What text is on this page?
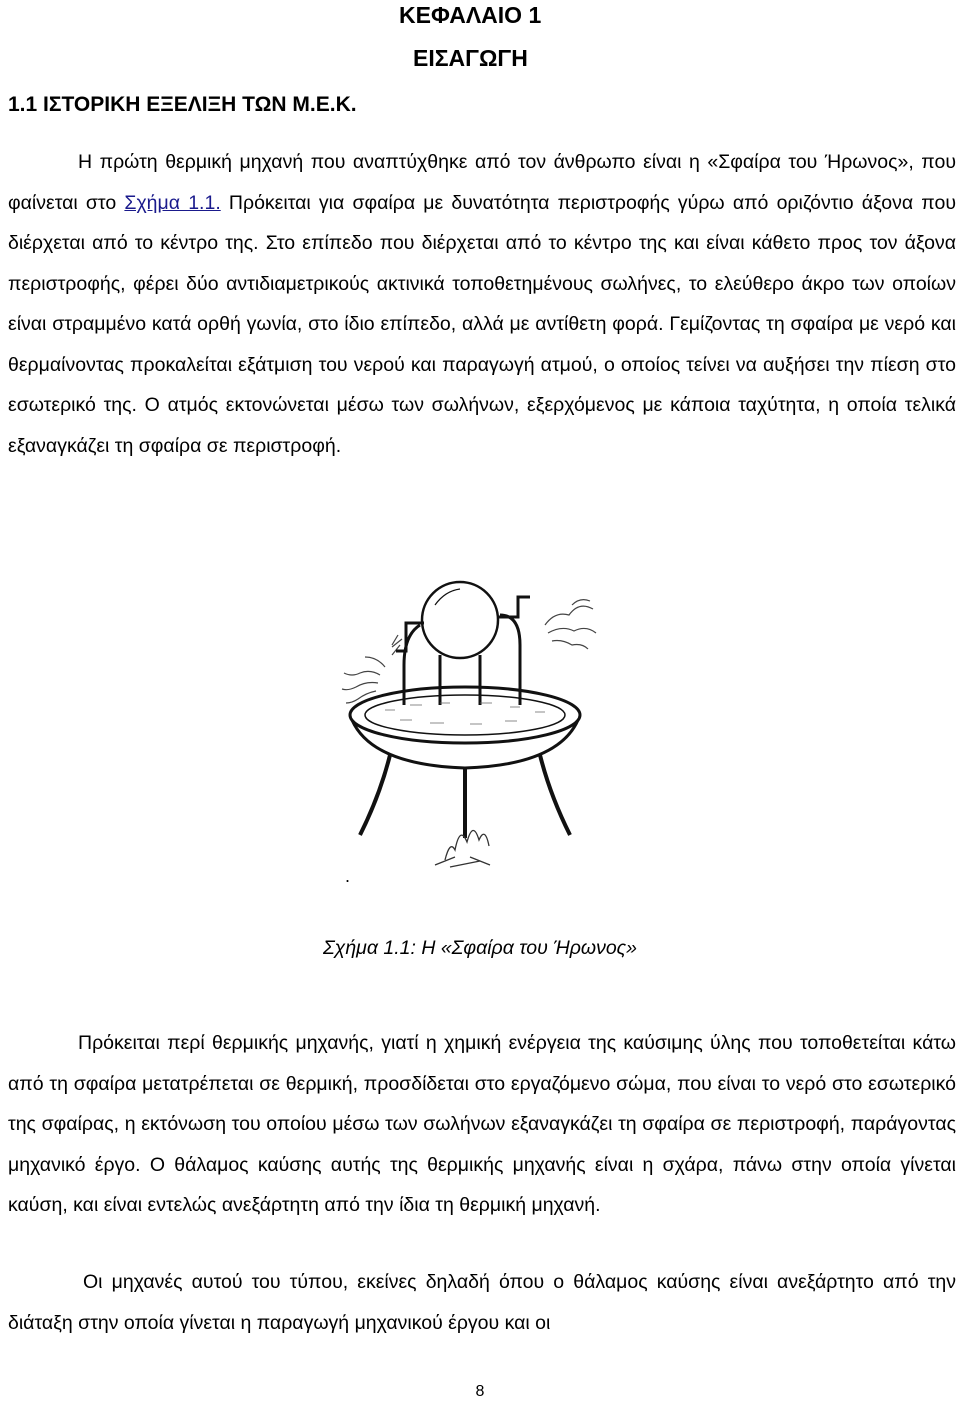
ΚΕΦΑΛΑΙΟ 1
ΕΙΣΑΓΩΓΗ
1.1 ΙΣΤΟΡΙΚΗ ΕΞΕΛΙΞΗ ΤΩΝ Μ.Ε.Κ.

Η πρώτη θερμική μηχανή που αναπτύχθηκε από τον άνθρωπο είναι η «Σφαίρα του Ήρωνος», που φαίνεται στο Σχήμα 1.1. Πρόκειται για σφαίρα με δυνατότητα περιστροφής γύρω από οριζόντιο άξονα που διέρχεται από το κέντρο της. Στο επίπεδο που διέρχεται από το κέντρο της και είναι κάθετο προς τον άξονα περιστροφής, φέρει δύο αντιδιαμετρικούς ακτινικά τοποθετημένους σωλήνες, το ελεύθερο άκρο των οποίων είναι στραμμένο κατά ορθή γωνία, στο ίδιο επίπεδο, αλλά με αντίθετη φορά. Γεμίζοντας τη σφαίρα με νερό και θερμαίνοντας προκαλείται εξάτμιση του νερού και παραγωγή ατμού, ο οποίος τείνει να αυξήσει την πίεση στο εσωτερικό της. Ο ατμός εκτονώνεται μέσω των σωλήνων, εξερχόμενος με κάποια ταχύτητα, η οποία τελικά εξαναγκάζει τη σφαίρα σε περιστροφή.

.

Σχήμα 1.1: Η «Σφαίρα του Ήρωνος»

Πρόκειται περί θερμικής μηχανής, γιατί η χημική ενέργεια της καύσιμης ύλης που τοποθετείται κάτω από τη σφαίρα μετατρέπεται σε θερμική, προσδίδεται στο εργαζόμενο σώμα, που είναι το νερό στο εσωτερικό της σφαίρας, η εκτόνωση του οποίου μέσω των σωλήνων εξαναγκάζει τη σφαίρα σε περιστροφή, παράγοντας μηχανικό έργο. Ο θάλαμος καύσης αυτής της θερμικής μηχανής είναι η σχάρα, πάνω στην οποία γίνεται καύση, και είναι εντελώς ανεξάρτητη από την ίδια τη θερμική μηχανή.

Οι μηχανές αυτού του τύπου, εκείνες δηλαδή όπου ο θάλαμος καύσης είναι ανεξάρτητο από την διάταξη στην οποία γίνεται η παραγωγή μηχανικού έργου και οι

8
